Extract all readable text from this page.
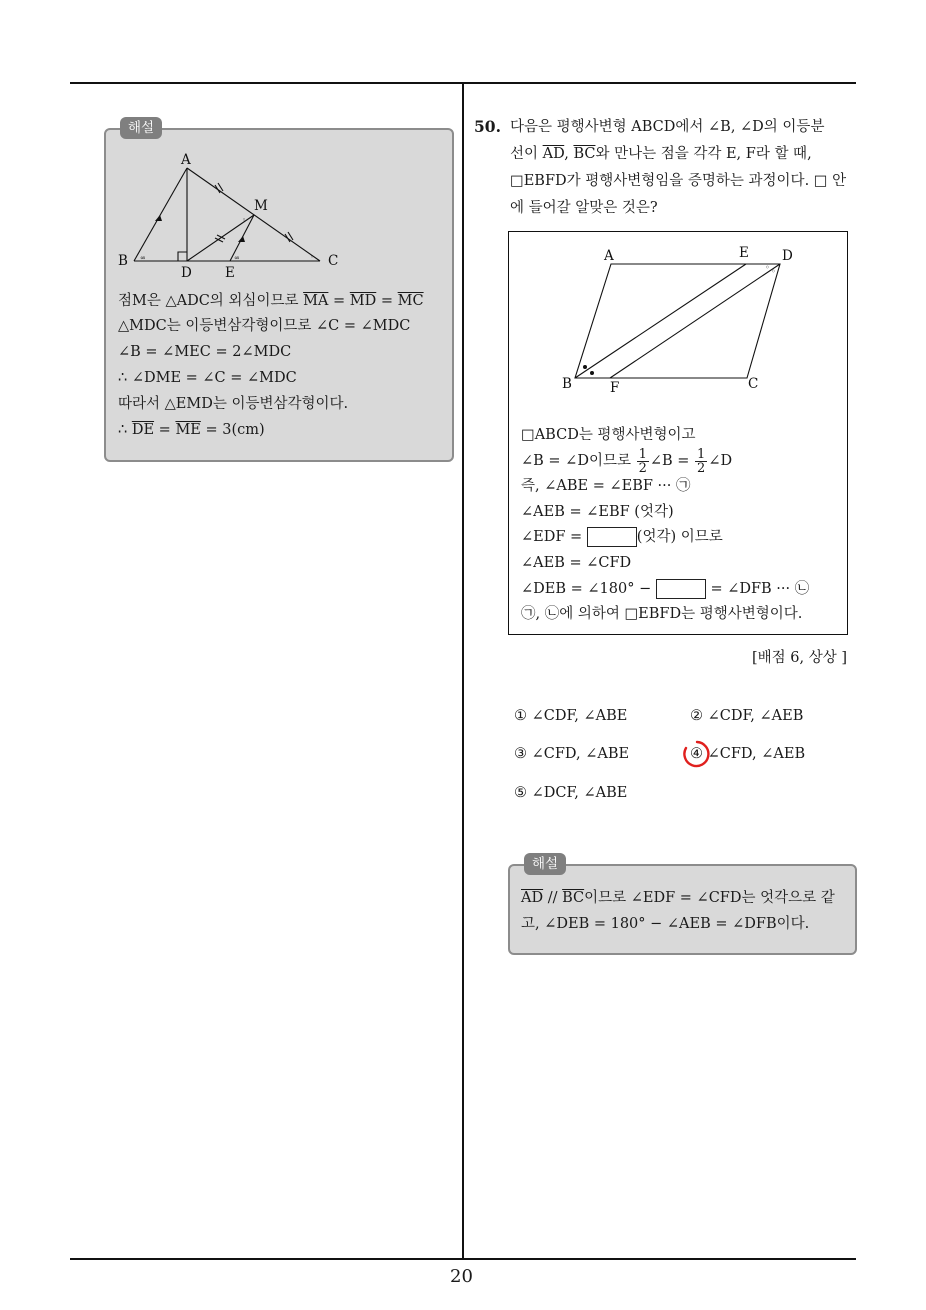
해설
∞	∞	◦
◦
A
M
B
D E
C
점M은 △ADC의 외심이므로 $\overline{MA} = \overline{MD} = \overline{MC}$
△MDC는 이등변삼각형이므로 ∠C = ∠MDC
∠B = ∠MEC = 2∠MDC
∴ ∠DME = ∠C = ∠MDC
따라서 △EMD는 이등변삼각형이다.
∴ $\overline{DE} = \overline{ME} = 3(cm)$
50. 다음은 평행사변형 ABCD에서 ∠B, ∠D의 이등분
선이 $\overline{AD}$, $\overline{BC}$와 만나는 점을 각각 E, F라 할 때,
□EBFD가 평행사변형임을 증명하는 과정이다. □ 안
에 들어갈 알맞은 것은?
◦ ◦
A	E D
B	F	C
□ABCD는 평행사변형이고
∠B = ∠D이므로 $\frac{1}{2}$ ∠B = $\frac{1}{2}$ ∠D
즉, ∠ABE = ∠EBF ··· ㉠
∠AEB = ∠EBF (엇각)
∠EDF =	(엇각) 이므로
∠AEB = ∠CFD
∠DEB = ∠180° −	= ∠DFB ··· ㉡
㉠, ㉡에 의하여 □EBFD는 평행사변형이다.
[배점 6, 상상 ]
① ∠CDF, ∠ABE	② ∠CDF, ∠AEB
③ ∠CFD, ∠ABE	④ ∠CFD, ∠AEB
⑤ ∠DCF, ∠ABE
해설
$\overline{AD} // \overline{BC}$이므로 ∠EDF = ∠CFD는 엇각으로 같
고, ∠DEB = 180° − ∠AEB = ∠DFB이다.
20
